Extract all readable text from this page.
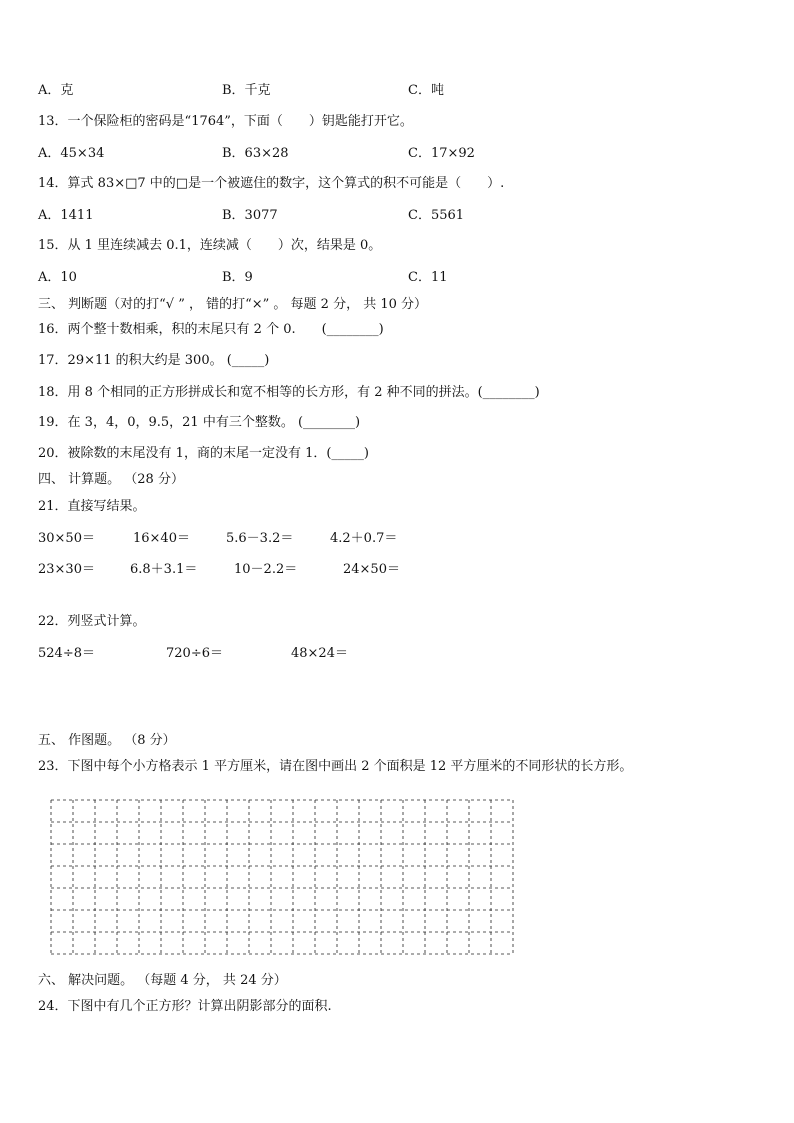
A．克	B．千克	C．吨
13．一个保险柜的密码是“1764”，下面（　　）钥匙能打开它。
A．45×34	B．63×28	C．17×92
14．算式 83×□7 中的□是一个被遮住的数字，这个算式的积不可能是（　　）.
A．1411	B．3077	C．5561
15．从 1 里连续减去 0.1，连续减（　　）次，结果是 0。
A．10	B．9	C．11
三、 判断题（对的打“√ ” ， 错的打“×” 。 每题 2 分， 共 10 分）
16．两个整十数相乘，积的末尾只有 2 个 0.　　(________)
17．29×11 的积大约是 300。 (_____)
18．用 8 个相同的正方形拼成长和宽不相等的长方形，有 2 种不同的拼法。(________)
19．在 3，4，0，9.5，21 中有三个整数。 (________)
20．被除数的末尾没有 1，商的末尾一定没有 1．(_____)
四、 计算题。 （28 分）
21．直接写结果。
30×50＝	16×40＝	5.6－3.2＝	4.2＋0.7＝
23×30＝	6.8＋3.1＝	10－2.2＝	24×50＝
22．列竖式计算。
524÷8＝	720÷6＝	48×24＝
五、 作图题。 （8 分）
23．下图中每个小方格表示 1 平方厘米，请在图中画出 2 个面积是 12 平方厘米的不同形状的长方形。
六、 解决问题。 （每题 4 分， 共 24 分）
24．下图中有几个正方形？计算出阴影部分的面积.
